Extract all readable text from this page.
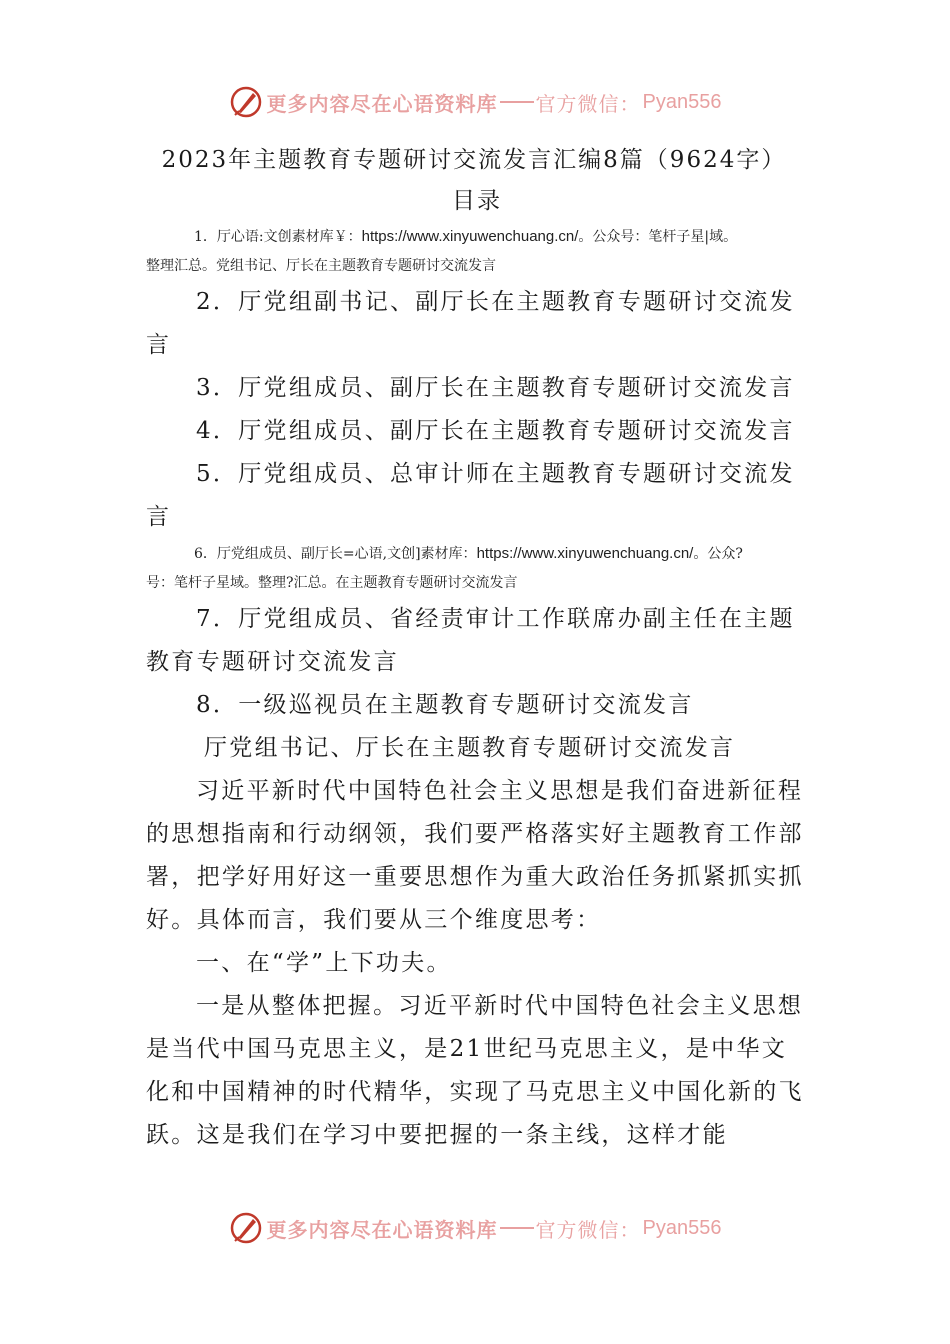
更多内容尽在心语资料库 官方微信： Pyan556
2023年主题教育专题研讨交流发言汇编8篇（9624字）
目录
1．厅心语:文创素材库￥：https://www.xinyuwenchuang.cn/。公众号：笔杆子星|域。
整理汇总。党组书记、厅长在主题教育专题研讨交流发言
2．厅党组副书记、副厅长在主题教育专题研讨交流发言
3．厅党组成员、副厅长在主题教育专题研讨交流发言
4．厅党组成员、副厅长在主题教育专题研讨交流发言
5．厅党组成员、总审计师在主题教育专题研讨交流发言
6．厅党组成员、副厅长=心语,文创]素材库：https://www.xinyuwenchuang.cn/。公众?
号：笔杆子星域。整理?汇总。在主题教育专题研讨交流发言
7．厅党组成员、省经责审计工作联席办副主任在主题教育专题研讨交流发言
8．一级巡视员在主题教育专题研讨交流发言
厅党组书记、厅长在主题教育专题研讨交流发言
习近平新时代中国特色社会主义思想是我们奋进新征程的思想指南和行动纲领，我们要严格落实好主题教育工作部署，把学好用好这一重要思想作为重大政治任务抓紧抓实抓好。具体而言，我们要从三个维度思考：
一、在“学”上下功夫。
一是从整体把握。习近平新时代中国特色社会主义思想是当代中国马克思主义，是21世纪马克思主义，是中华文化和中国精神的时代精华，实现了马克思主义中国化新的飞跃。这是我们在学习中要把握的一条主线，这样才能
更多内容尽在心语资料库 官方微信： Pyan556
